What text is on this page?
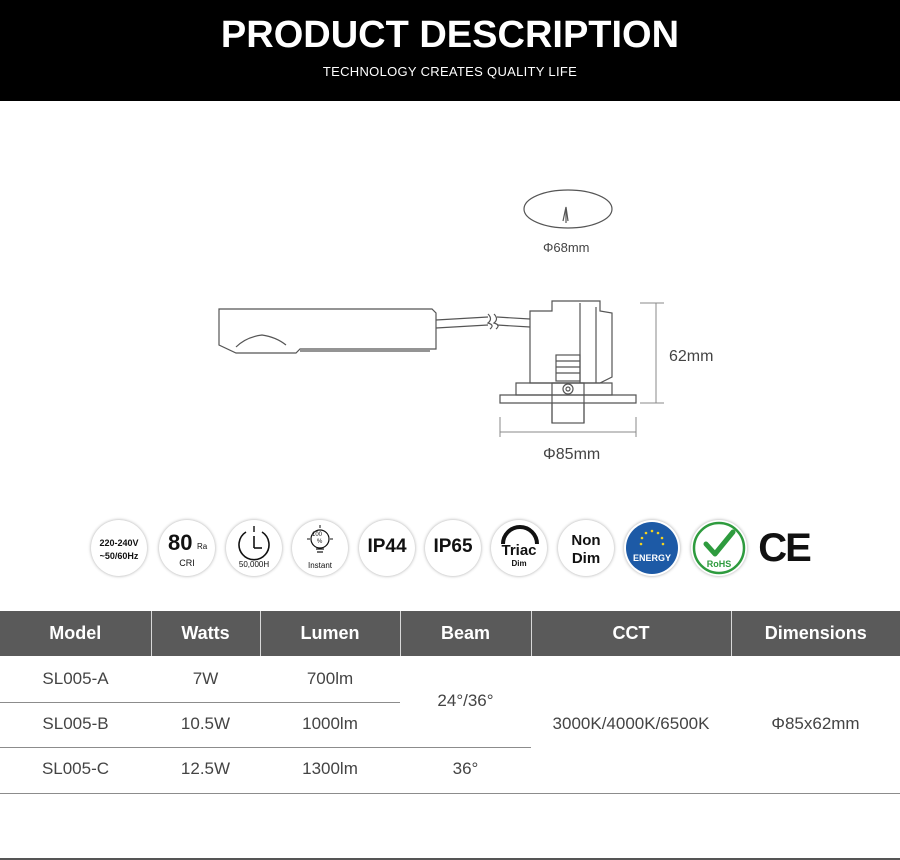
PRODUCT DESCRIPTION
TECHNOLOGY CREATES QUALITY LIFE
Φ68mm
62mm
Φ85mm
220-240V
~50/60Hz
80 Ra
CRI	50,000H
100
%
Instant
IP44	IP65	Triac
Dim
Non
Dim	ENERGY
RoHS CE
Model	Watts	Lumen	Beam	CCT	Dimensions
SL005-A	7W	700lm	24°/36°	3000K/4000K/6500K	Φ85x62mm
SL005-B	10.5W	1000lm			
SL005-C	12.5W	1300lm	36°		
